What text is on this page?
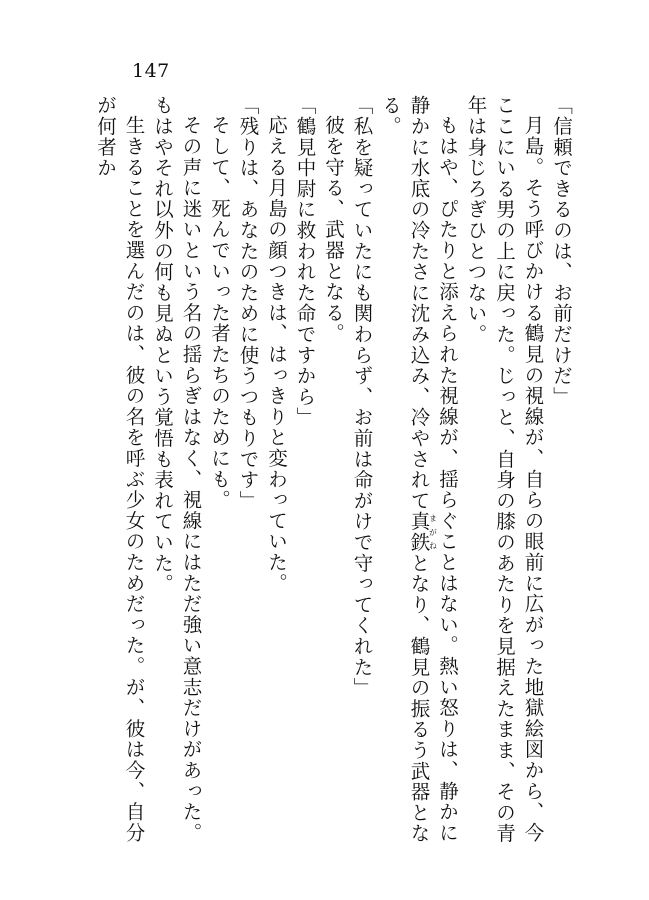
147

「信頼できるのは、お前だけだ」

月島。そう呼びかける鶴見の視線が、自らの眼前に広がった地獄絵図から、今ここにいる男の上に戻った。じっと、自身の膝のあたりを見据えたまま、その青年は身じろぎひとつない。

もはや、ぴたりと添えられた視線が、揺らぐことはない。熱い怒りは、静かに静かに水底の冷たさに沈み込み、冷やされて真鉄まがねとなり、鶴見の振るう武器となる。

「私を疑っていたにも関わらず、お前は命がけで守ってくれた」

彼を守る、武器となる。

「鶴見中尉に救われた命ですから」

応える月島の顔つきは、はっきりと変わっていた。

「残りは、あなたのために使うつもりです」

そして、死んでいった者たちのためにも。

その声に迷いという名の揺らぎはなく、視線にはただ強い意志だけがあった。もはやそれ以外の何も見ぬという覚悟も表れていた。

生きることを選んだのは、彼の名を呼ぶ少女のためだった。が、彼は今、自分が何者か
